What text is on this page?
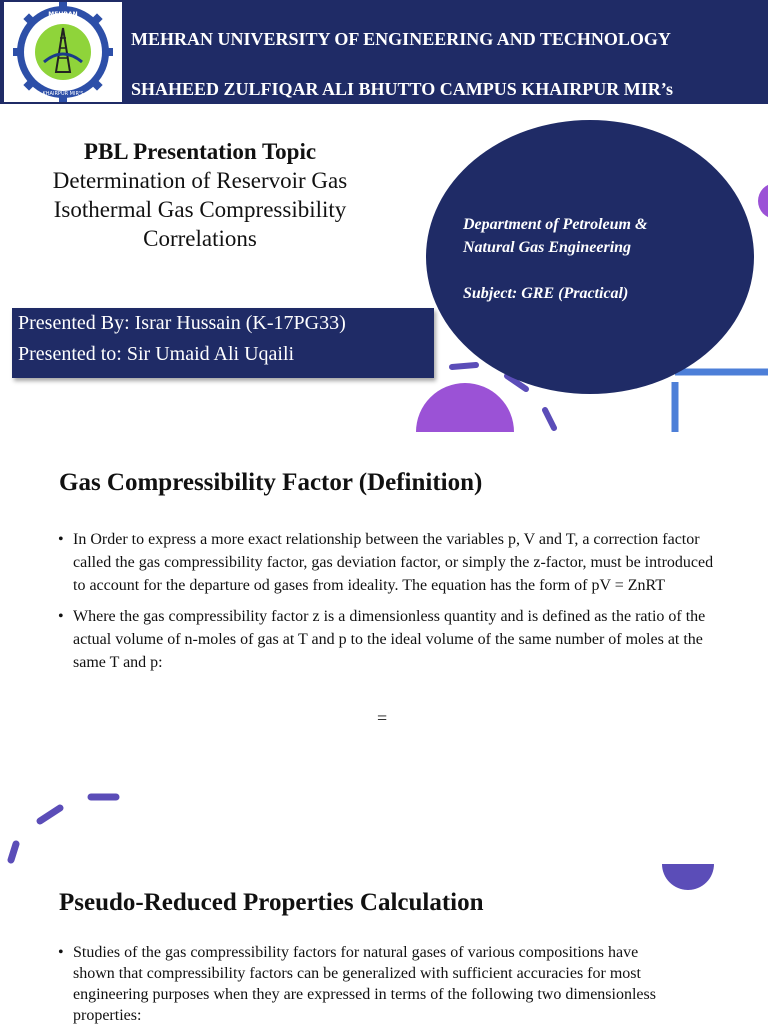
MEHRAN
KHAIRPUR MIR'S
MEHRAN UNIVERSITY OF ENGINEERING AND TECHNOLOGY
SHAHEED ZULFIQAR ALI BHUTTO CAMPUS KHAIRPUR MIR’s
PBL Presentation Topic
Determination of Reservoir Gas
Isothermal Gas Compressibility
Correlations
Presented By: Israr Hussain (K-17PG33)
Presented to: Sir Umaid Ali Uqaili
Department of Petroleum &
Natural Gas Engineering
Subject: GRE (Practical)
Gas Compressibility Factor (Definition)
• In Order to express a more exact relationship between the variables p, V and T, a correction factor called the gas compressibility factor, gas deviation factor, or simply the z-factor, must be introduced to account for the departure od gases from ideality. The equation has the form of pV = ZnRT
• Where the gas compressibility factor z is a dimensionless quantity and is defined as the ratio of the actual volume of n-moles of gas at T and p to the ideal volume of the same number of moles at the same T and p:
=
Pseudo-Reduced Properties Calculation
• Studies of the gas compressibility factors for natural gases of various compositions have shown that compressibility factors can be generalized with sufficient accuracies for most engineering purposes when they are expressed in terms of the following two dimensionless properties:
